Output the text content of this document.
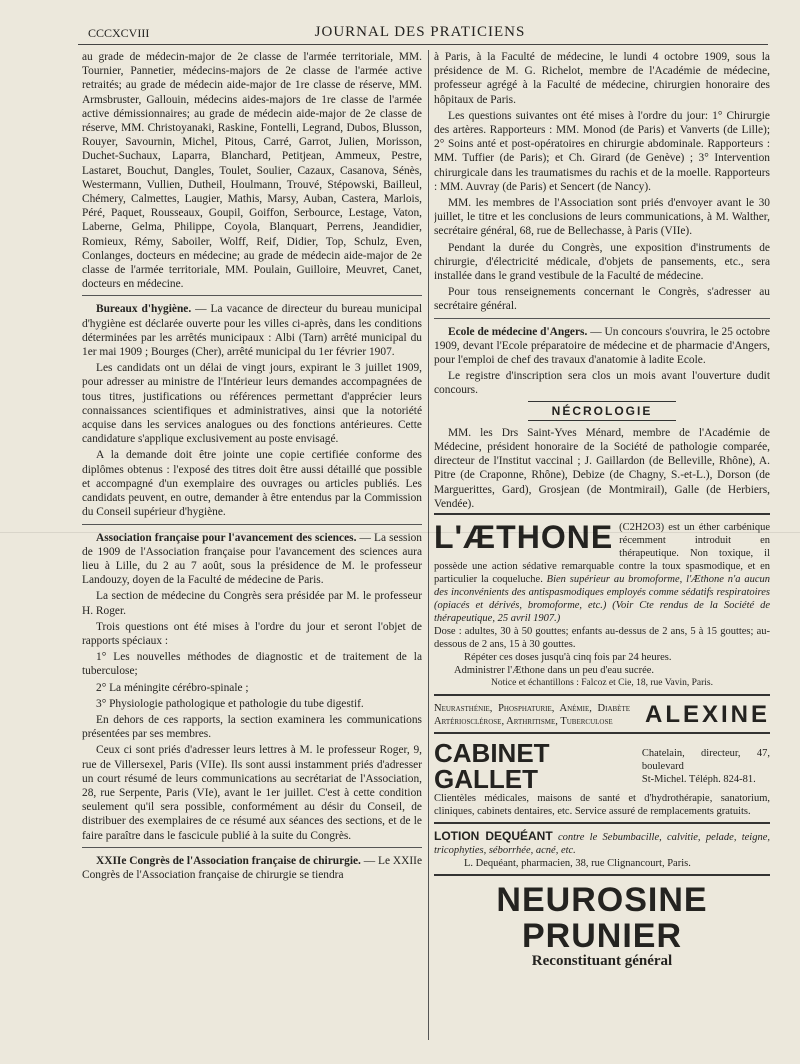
CCCXCVIII	JOURNAL DES PRATICIENS

au grade de médecin-major de 2e classe de l'armée territoriale, MM. Tournier, Pannetier, médecins-majors de 2e classe de l'armée active retraités; au grade de médecin aide-major de 1re classe de réserve, MM. Armsbruster, Gallouin, médecins aides-majors de 1re classe de l'armée active démissionnaires; au grade de médecin aide-major de 2e classe de réserve, MM. Christoyanaki, Raskine, Fontelli, Legrand, Dubos, Blusson, Rouyer, Savournin, Michel, Pitous, Carré, Garrot, Julien, Morisson, Duchet-Suchaux, Laparra, Blanchard, Petitjean, Ammeux, Pestre, Lastaret, Bouchut, Dangles, Toulet, Soulier, Cazaux, Casanova, Sénès, Westermann, Vullien, Dutheil, Houlmann, Trouvé, Stépowski, Bailleul, Chémery, Calmettes, Laugier, Mathis, Marsy, Auban, Castera, Marlois, Péré, Paquet, Rousseaux, Goupil, Goiffon, Serbource, Lestage, Vaton, Laberne, Gelma, Philippe, Coyola, Blanquart, Perrens, Jeandidier, Romieux, Rémy, Saboiler, Wolff, Reif, Didier, Top, Schulz, Even, Conlanges, docteurs en médecine; au grade de médecin aide-major de 2e classe de l'armée territoriale, MM. Poulain, Guilloire, Meuvret, Canet, docteurs en médecine.

Bureaux d'hygiène. — La vacance de directeur du bureau municipal d'hygiène est déclarée ouverte pour les villes ci-après, dans les conditions déterminées par les arrêtés municipaux : Albi (Tarn) arrêté municipal du 1er mai 1909 ; Bourges (Cher), arrêté municipal du 1er février 1907.

Les candidats ont un délai de vingt jours, expirant le 3 juillet 1909, pour adresser au ministre de l'Intérieur leurs demandes accompagnées de tous titres, justifications ou références permettant d'apprécier leurs connaissances scientifiques et administratives, ainsi que la notoriété acquise dans les services analogues ou des fonctions antérieures. Cette candidature s'applique exclusivement au poste envisagé.

A la demande doit être jointe une copie certifiée conforme des diplômes obtenus : l'exposé des titres doit être aussi détaillé que possible et accompagné d'un exemplaire des ouvrages ou articles publiés. Les candidats peuvent, en outre, demander à être entendus par la Commission du Conseil supérieur d'hygiène.

Association française pour l'avancement des sciences. — La session de 1909 de l'Association française pour l'avancement des sciences aura lieu à Lille, du 2 au 7 août, sous la présidence de M. le professeur Landouzy, doyen de la Faculté de médecine de Paris.

La section de médecine du Congrès sera présidée par M. le professeur H. Roger.

Trois questions ont été mises à l'ordre du jour et seront l'objet de rapports spéciaux :

1° Les nouvelles méthodes de diagnostic et de traitement de la tuberculose;

2° La méningite cérébro-spinale ;

3° Physiologie pathologique et pathologie du tube digestif.

En dehors de ces rapports, la section examinera les communications présentées par ses membres.

Ceux ci sont priés d'adresser leurs lettres à M. le professeur Roger, 9, rue de Villersexel, Paris (VIIe). Ils sont aussi instamment priés d'adresser un court résumé de leurs communications au secrétariat de l'Association, 28, rue Serpente, Paris (VIe), avant le 1er juillet. C'est à cette condition seulement qu'il sera possible, conformément au désir du Conseil, de distribuer des exemplaires de ce résumé aux séances des sections, et de le faire paraître dans le fascicule publié à la suite du Congrès.

XXIIe Congrès de l'Association française de chirurgie. — Le XXIIe Congrès de l'Association française de chirurgie se tiendra

à Paris, à la Faculté de médecine, le lundi 4 octobre 1909, sous la présidence de M. G. Richelot, membre de l'Académie de médecine, professeur agrégé à la Faculté de médecine, chirurgien honoraire des hôpitaux de Paris.

Les questions suivantes ont été mises à l'ordre du jour: 1° Chirurgie des artères. Rapporteurs : MM. Monod (de Paris) et Vanverts (de Lille); 2° Soins anté et post-opératoires en chirurgie abdominale. Rapporteurs : MM. Tuffier (de Paris); et Ch. Girard (de Genève) ; 3° Intervention chirurgicale dans les traumatismes du rachis et de la moelle. Rapporteurs : MM. Auvray (de Paris) et Sencert (de Nancy).

MM. les membres de l'Association sont priés d'envoyer avant le 30 juillet, le titre et les conclusions de leurs communications, à M. Walther, secrétaire général, 68, rue de Bellechasse, à Paris (VIIe).

Pendant la durée du Congrès, une exposition d'instruments de chirurgie, d'électricité médicale, d'objets de pansements, etc., sera installée dans le grand vestibule de la Faculté de médecine.

Pour tous renseignements concernant le Congrès, s'adresser au secrétaire général.

Ecole de médecine d'Angers. — Un concours s'ouvrira, le 25 octobre 1909, devant l'Ecole préparatoire de médecine et de pharmacie d'Angers, pour l'emploi de chef des travaux d'anatomie à ladite Ecole.

Le registre d'inscription sera clos un mois avant l'ouverture dudit concours.

NÉCROLOGIE

MM. les Drs Saint-Yves Ménard, membre de l'Académie de Médecine, président honoraire de la Société de pathologie comparée, directeur de l'Institut vaccinal ; J. Gaillardon (de Belleville, Rhône), A. Pitre (de Craponne, Rhône), Debize (de Chagny, S.-et-L.), Dorson (de Marguerittes, Gard), Grosjean (de Montmirail), Galle (de Herbiers, Vendée).

L'ÆTHONE (C2H2O3) est un éther carbénique récemment introduit en thérapeutique. Non toxique, il possède une action sédative remarquable contre la toux spasmodique, et en particulier la coqueluche. Bien supérieur au bromoforme, l'Æthone n'a aucun des inconvénients des antispasmodiques employés comme sédatifs respiratoires (opiacés et dérivés, bromoforme, etc.) (Voir Cte rendus de la Société de thérapeutique, 25 avril 1907.)
Dose : adultes, 30 à 50 gouttes; enfants au-dessus de 2 ans, 5 à 15 gouttes; au-dessous de 2 ans, 15 à 30 gouttes.
Répéter ces doses jusqu'à cinq fois par 24 heures.
Administrer l'Æthone dans un peu d'eau sucrée.
Notice et échantillons : Falcoz et Cie, 18, rue Vavin, Paris.
Neurasthénie, Phosphaturie, Anémie, Diabète Artériosclérose, Arthritisme, Tuberculose	ALEXINE
CABINET GALLET
Chatelain, directeur, 47, boulevard
St-Michel. Téléph. 824-81.
Clientèles médicales, maisons de santé et d'hydrothérapie, sanatorium, cliniques, cabinets dentaires, etc. Service assuré de remplacements gratuits.
LOTION DEQUÉANT contre le Sebumbacille, calvitie, pelade, teigne, tricophyties, séborrhée, acné, etc.
L. Dequéant, pharmacien, 38, rue Clignancourt, Paris.
NEUROSINE PRUNIER
Reconstituant général
